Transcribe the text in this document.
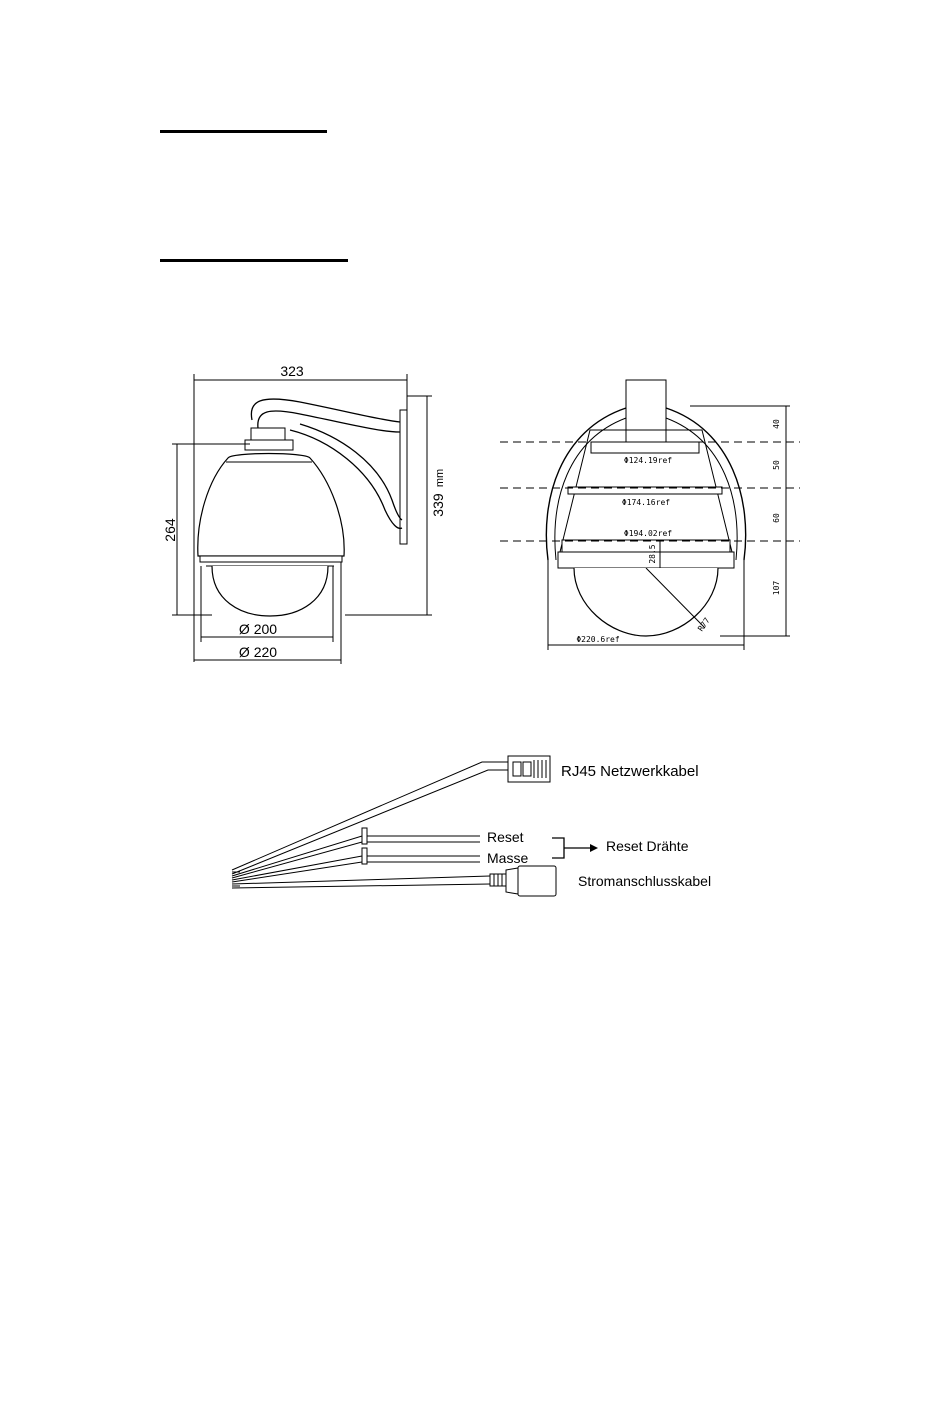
323
339
mm
264
Ø 200
Ø 220
Φ124.19ref
Φ174.16ref
Φ194.02ref
Φ220.6ref
40
50
60
107
28.5
R77
RJ45 Netzwerkkabel
Reset
Masse
Reset Drähte
Stromanschlusskabel
